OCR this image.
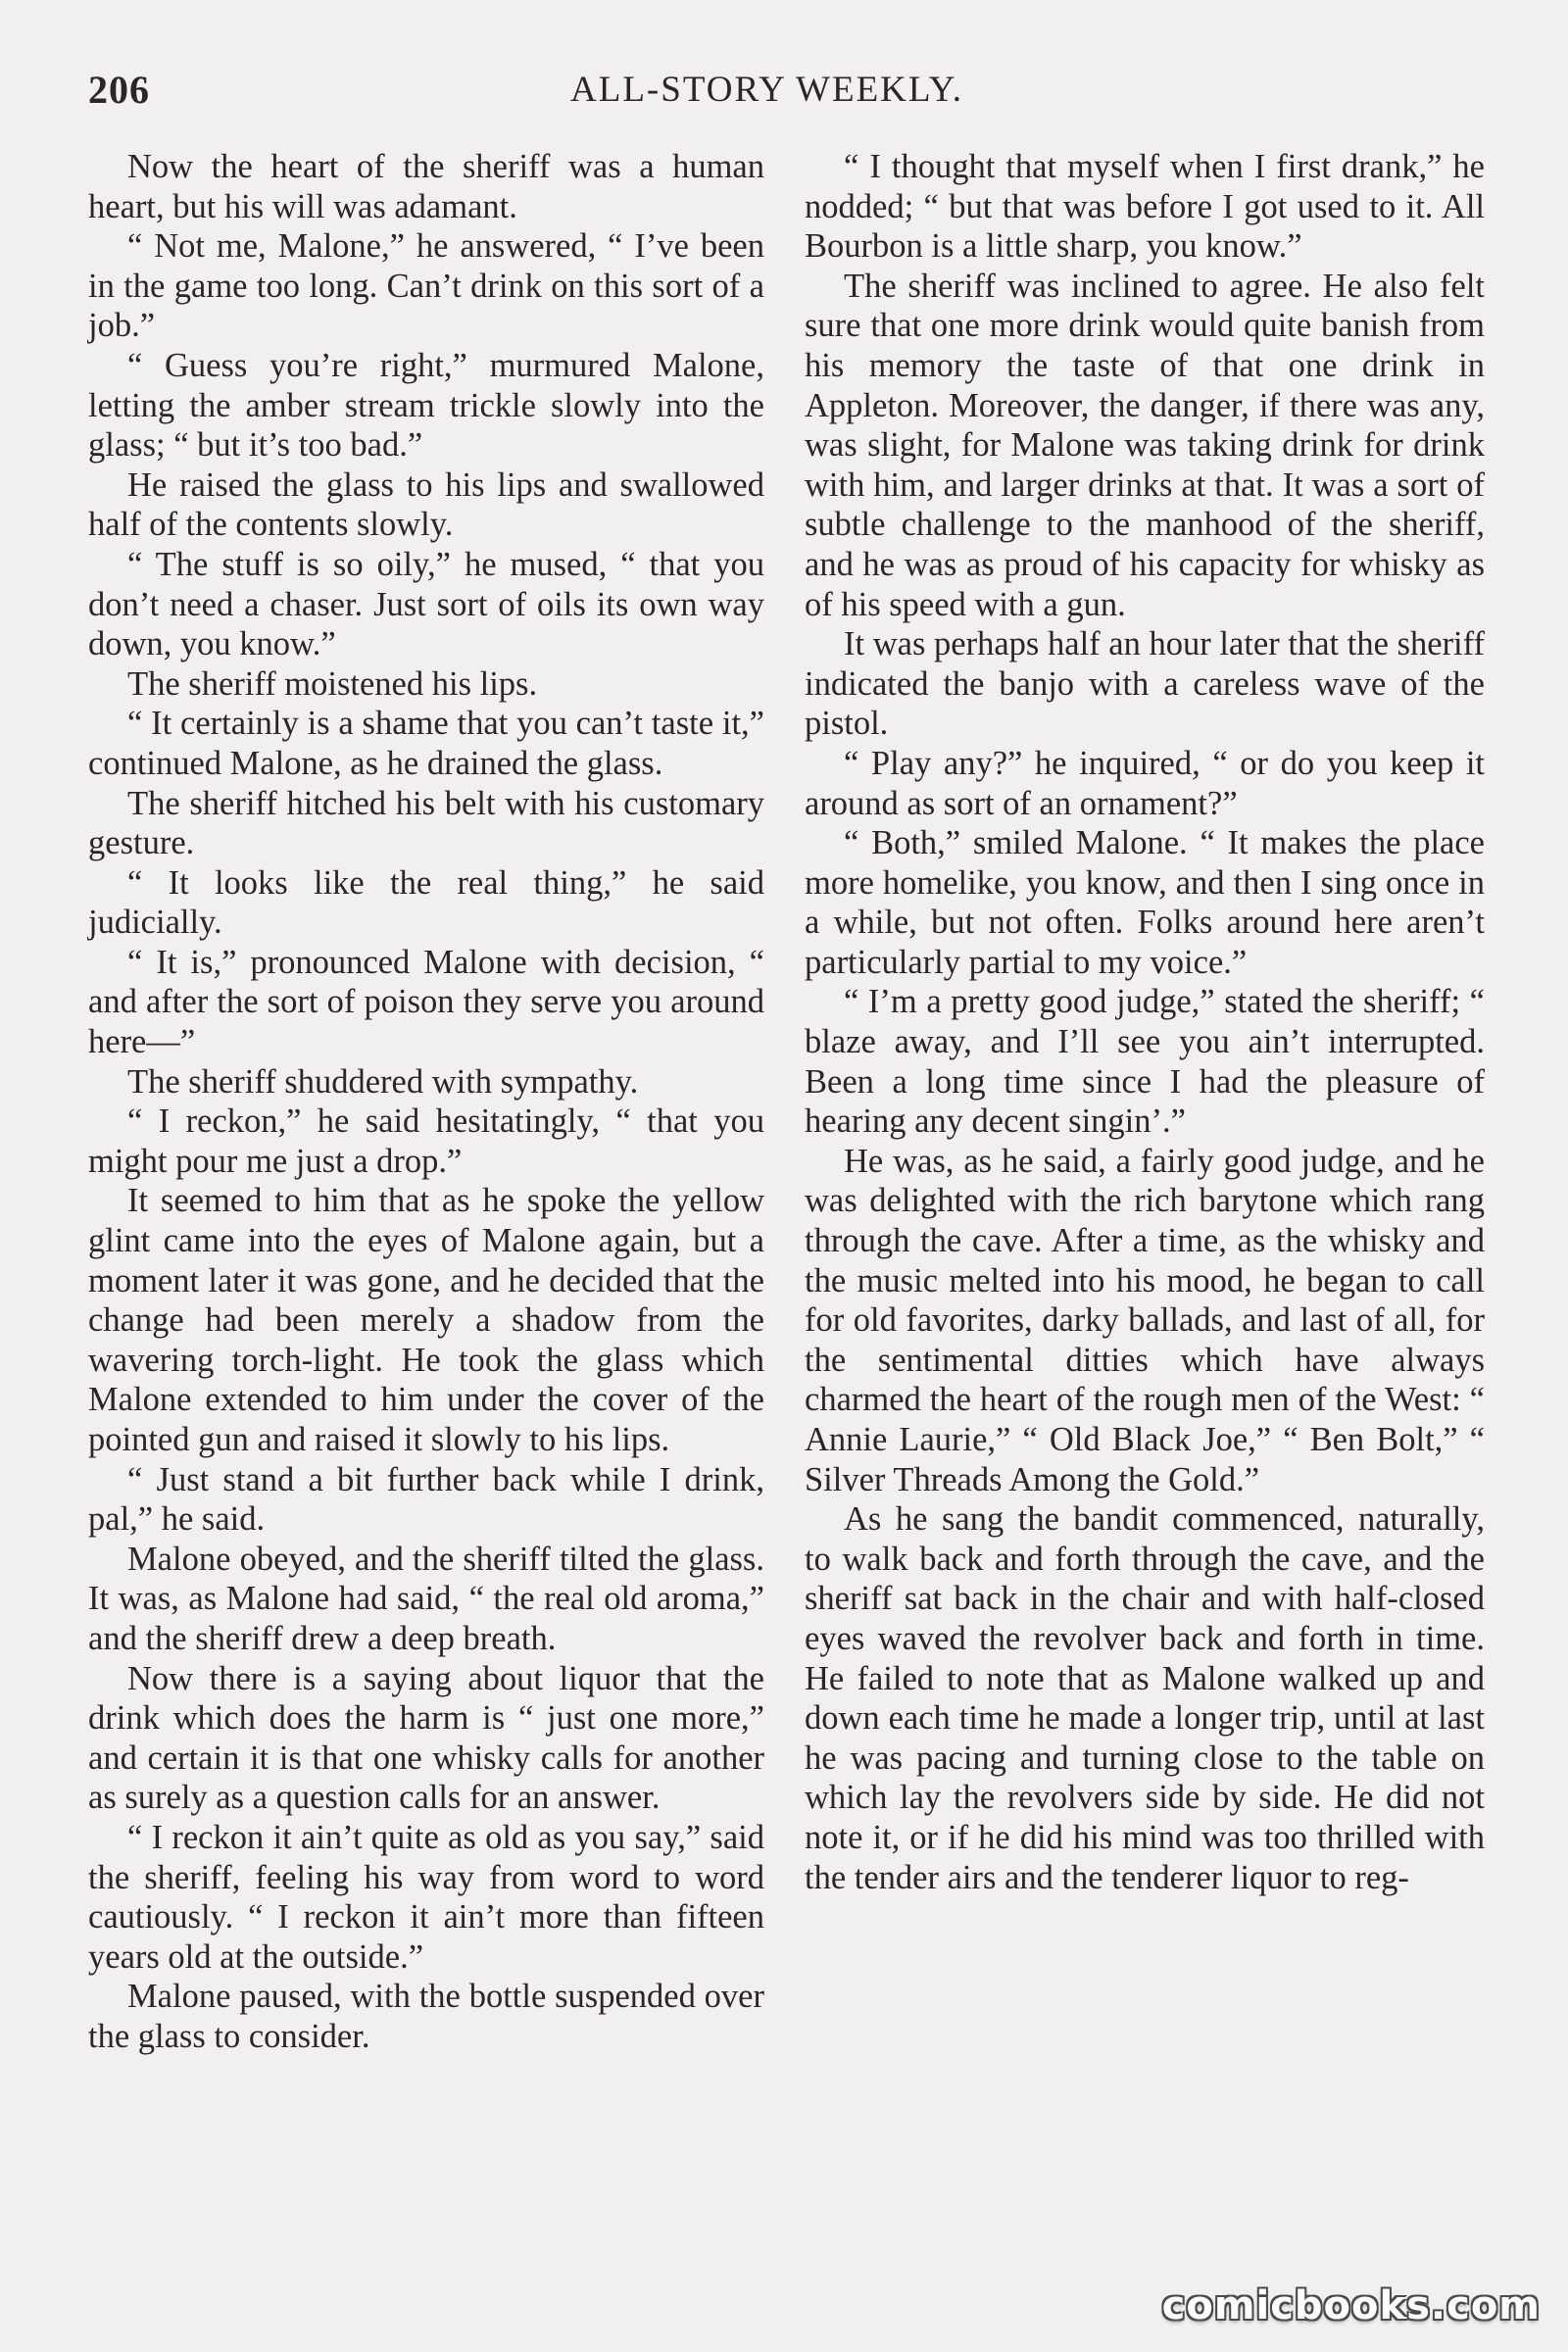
206	ALL-STORY WEEKLY.

Now the heart of the sheriff was a human heart, but his will was adamant.

“ Not me, Malone,” he answered, “ I’ve been in the game too long. Can’t drink on this sort of a job.”

“ Guess you’re right,” murmured Malone, letting the amber stream trickle slowly into the glass; “ but it’s too bad.”

He raised the glass to his lips and swallowed half of the contents slowly.

“ The stuff is so oily,” he mused, “ that you don’t need a chaser. Just sort of oils its own way down, you know.”

The sheriff moistened his lips.

“ It certainly is a shame that you can’t taste it,” continued Malone, as he drained the glass.

The sheriff hitched his belt with his customary gesture.

“ It looks like the real thing,” he said judicially.

“ It is,” pronounced Malone with decision, “ and after the sort of poison they serve you around here—”

The sheriff shuddered with sympathy.

“ I reckon,” he said hesitatingly, “ that you might pour me just a drop.”

It seemed to him that as he spoke the yellow glint came into the eyes of Malone again, but a moment later it was gone, and he decided that the change had been merely a shadow from the wavering torch-light. He took the glass which Malone extended to him under the cover of the pointed gun and raised it slowly to his lips.

“ Just stand a bit further back while I drink, pal,” he said.

Malone obeyed, and the sheriff tilted the glass. It was, as Malone had said, “ the real old aroma,” and the sheriff drew a deep breath.

Now there is a saying about liquor that the drink which does the harm is “ just one more,” and certain it is that one whisky calls for another as surely as a question calls for an answer.

“ I reckon it ain’t quite as old as you say,” said the sheriff, feeling his way from word to word cautiously. “ I reckon it ain’t more than fifteen years old at the outside.”

Malone paused, with the bottle suspended over the glass to consider.

“ I thought that myself when I first drank,” he nodded; “ but that was before I got used to it. All Bourbon is a little sharp, you know.”

The sheriff was inclined to agree. He also felt sure that one more drink would quite banish from his memory the taste of that one drink in Appleton. Moreover, the danger, if there was any, was slight, for Malone was taking drink for drink with him, and larger drinks at that. It was a sort of subtle challenge to the manhood of the sheriff, and he was as proud of his capacity for whisky as of his speed with a gun.

It was perhaps half an hour later that the sheriff indicated the banjo with a careless wave of the pistol.

“ Play any?” he inquired, “ or do you keep it around as sort of an ornament?”

“ Both,” smiled Malone. “ It makes the place more homelike, you know, and then I sing once in a while, but not often. Folks around here aren’t particularly partial to my voice.”

“ I’m a pretty good judge,” stated the sheriff; “ blaze away, and I’ll see you ain’t interrupted. Been a long time since I had the pleasure of hearing any decent singin’.”

He was, as he said, a fairly good judge, and he was delighted with the rich barytone which rang through the cave. After a time, as the whisky and the music melted into his mood, he began to call for old favorites, darky ballads, and last of all, for the sentimental ditties which have always charmed the heart of the rough men of the West: “ Annie Laurie,” “ Old Black Joe,” “ Ben Bolt,” “ Silver Threads Among the Gold.”

As he sang the bandit commenced, naturally, to walk back and forth through the cave, and the sheriff sat back in the chair and with half-closed eyes waved the revolver back and forth in time. He failed to note that as Malone walked up and down each time he made a longer trip, until at last he was pacing and turning close to the table on which lay the revolvers side by side. He did not note it, or if he did his mind was too thrilled with the tender airs and the tenderer liquor to reg-

comicbooks.com
